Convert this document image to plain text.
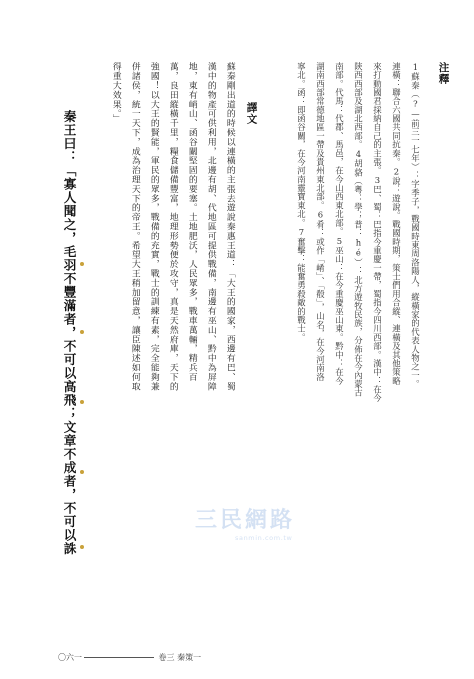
注釋
1蘇秦（?—前三一七年）：字季子，戰國時東周洛陽人，縱橫家的代表人物之一。
連橫：聯合六國共同抗秦。2說：遊說。戰國時期，策士們用合縱、連橫及其他策略
來打動國君採納自己的主張。3巴、蜀：巴指今重慶一帶，蜀指今四川西部。漢中：在今
陝西西部及湖北西部。4胡貉（粵：學；普：hé）：北方遊牧民族，分佈在今內蒙古
南部。代馬：代郡、馬邑，在今山西東北部。5巫山：在今重慶巫山東。黔中：在今
湖南西部常德地區一帶及貴州東北部。6肴：或作「崤」、「殽」，山名，在今河南洛
寧北。函：即函谷關，在今河南靈寶東北。7奮擊：能奮勇殺敵的戰士。
譯文
蘇秦剛出道的時候以連橫的主張去遊說秦惠王道：「大王的國家，西邊有巴、蜀
漢中的物產可供利用，北邊有胡、代地區可提供戰備，南邊有巫山、黔中為屏障
地，東有峭山、函谷關堅固的要塞。土地肥沃，人民眾多，戰車萬輛，精兵百
萬，良田縱橫千里，糧食儲備豐富，地理形勢便於攻守，真是天然府庫，天下的
強國！以大王的賢能，軍民的眾多，戰備的充實，戰士的訓練有素，完全能夠兼
併諸侯，統一天下，成為治理天下的帝王。希望大王稍加留意，讓臣陳述如何取
得重大效果。」
秦王曰：「寡人聞之，毛羽不豐滿者，不可以高飛；文章不成者，不可以誅	三民網路
sanmin.com.tw
〇六一	卷三 秦策一
